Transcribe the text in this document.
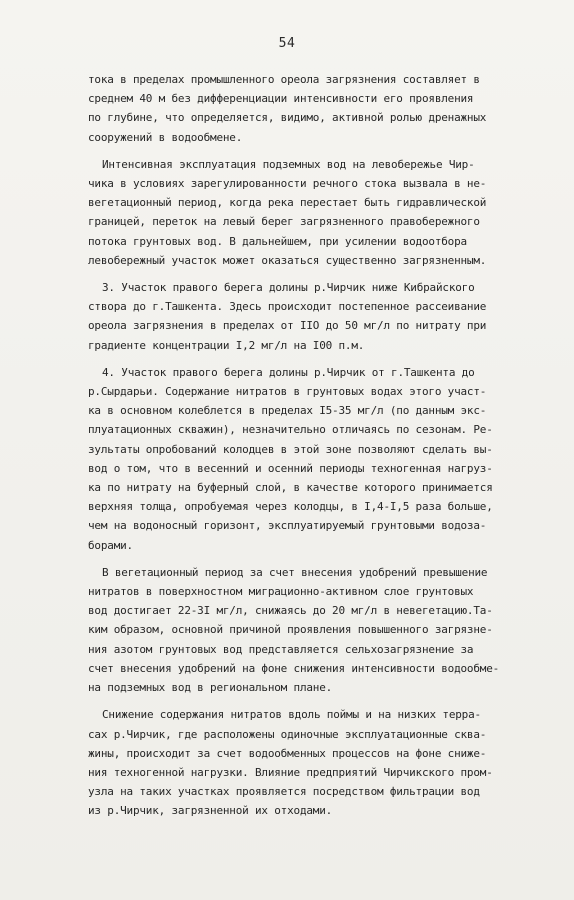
54
тока в пределах промышленного ореола загрязнения составляет в
среднем 40 м без дифференциации интенсивности его проявления
по глубине, что определяется, видимо, активной ролью дренажных
сооружений в водообмене.
Интенсивная эксплуатация подземных вод на левобережье Чир-
чика в условиях зарегулированности речного стока вызвала в не-
вегетационный период, когда река перестает быть гидравлической
границей, переток на левый берег загрязненного правобережного
потока грунтовых вод. В дальнейшем, при усилении водоотбора
левобережный участок может оказаться существенно загрязненным.
3. Участок правого берега долины р.Чирчик ниже Кибрайского
створа до г.Ташкента. Здесь происходит постепенное рассеивание
ореола загрязнения в пределах от IIO до 50 мг/л по нитрату при
градиенте концентрации I,2 мг/л на I00 п.м.
4. Участок правого берега долины р.Чирчик от г.Ташкента до
р.Сырдарьи. Содержание нитратов в грунтовых водах этого участ-
ка в основном колеблется в пределах I5-35 мг/л (по данным экс-
плуатационных скважин), незначительно отличаясь по сезонам. Ре-
зультаты опробований колодцев в этой зоне позволяют сделать вы-
вод о том, что в весенний и осенний периоды техногенная нагруз-
ка по нитрату на буферный слой, в качестве которого принимается
верхняя толща, опробуемая через колодцы, в I,4-I,5 раза больше,
чем на водоносный горизонт, эксплуатируемый грунтовыми водоза-
борами.
В вегетационный период за счет внесения удобрений превышение
нитратов в поверхностном миграционно-активном слое грунтовых
вод достигает 22-3I мг/л, снижаясь до 20 мг/л в невегетацию.Та-
ким образом, основной причиной проявления повышенного загрязне-
ния азотом грунтовых вод представляется сельхозагрязнение за
счет внесения удобрений на фоне снижения интенсивности водообме-
на подземных вод в региональном плане.
Снижение содержания нитратов вдоль поймы и на низких терра-
сах р.Чирчик, где расположены одиночные эксплуатационные сква-
жины, происходит за счет водообменных процессов на фоне сниже-
ния техногенной нагрузки. Влияние предприятий Чирчикского пром-
узла на таких участках проявляется посредством фильтрации вод
из р.Чирчик, загрязненной их отходами.
